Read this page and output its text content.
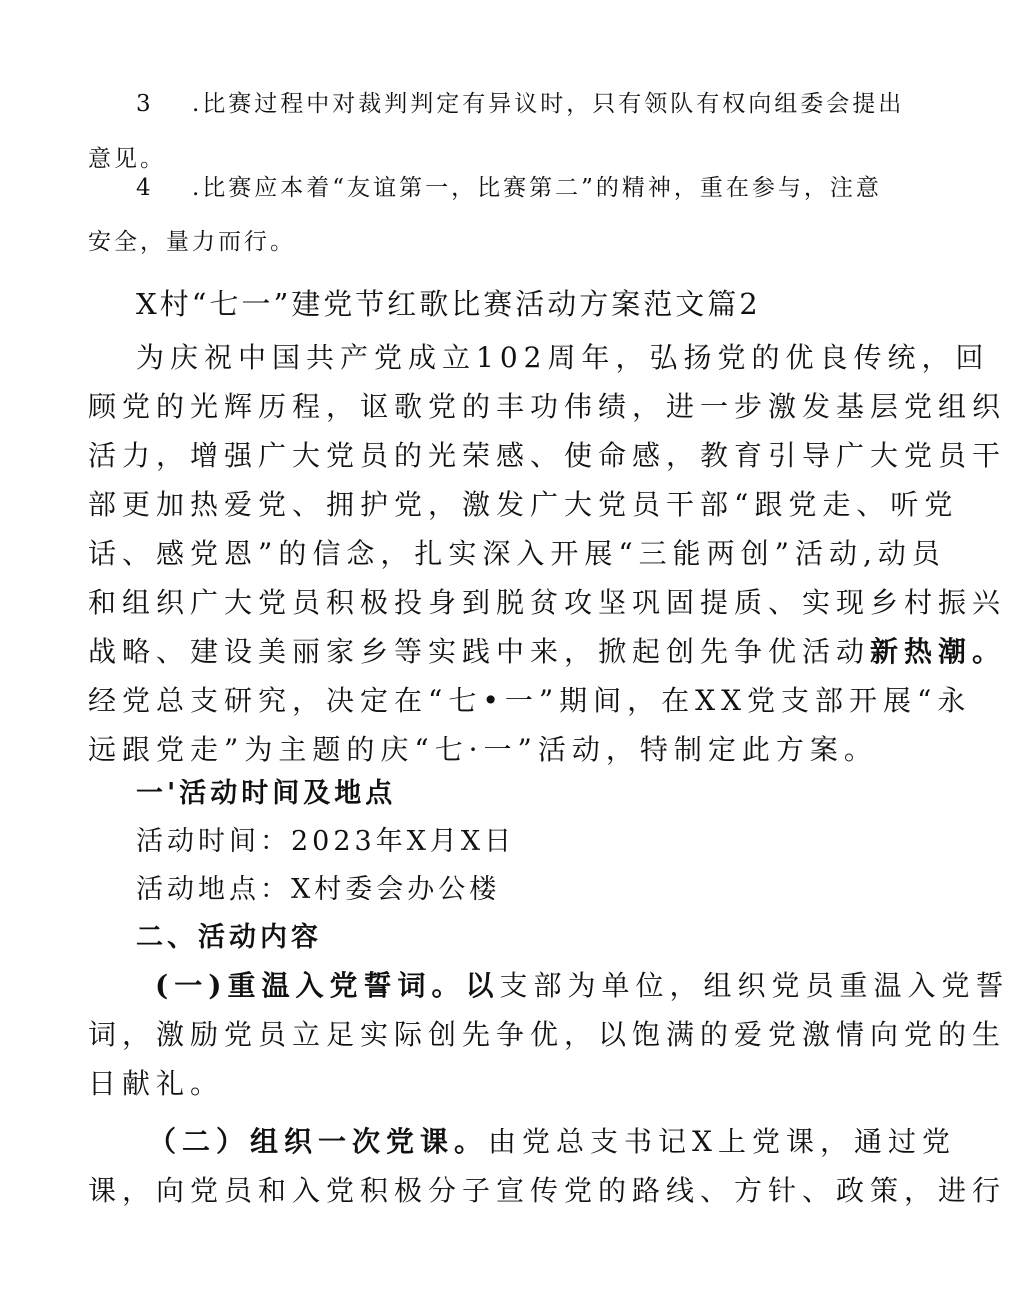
3 .比赛过程中对裁判判定有异议时，只有领队有权向组委会提出
意见。
4 .比赛应本着“友谊第一，比赛第二”的精神，重在参与，注意
安全，量力而行。
X村“七一”建党节红歌比赛活动方案范文篇2
为庆祝中国共产党成立102周年，弘扬党的优良传统，回
顾党的光辉历程，讴歌党的丰功伟绩，进一步激发基层党组织
活力，增强广大党员的光荣感、使命感，教育引导广大党员干
部更加热爱党、拥护党，激发广大党员干部“跟党走、听党
话、感党恩”的信念，扎实深入开展“三能两创”活动,动员
和组织广大党员积极投身到脱贫攻坚巩固提质、实现乡村振兴
战略、建设美丽家乡等实践中来，掀起创先争优活动新热潮。
经党总支研究，决定在“七•一”期间，在XX党支部开展“永
远跟党走”为主题的庆“七·一”活动，特制定此方案。
一'活动时间及地点
活动时间：2023年X月X日
活动地点：X村委会办公楼
二、活动内容
(一)重温入党誓词。以支部为单位，组织党员重温入党誓
词，激励党员立足实际创先争优，以饱满的爱党激情向党的生
日献礼。
（二）组织一次党课。由党总支书记X上党课，通过党
课，向党员和入党积极分子宣传党的路线、方针、政策，进行
